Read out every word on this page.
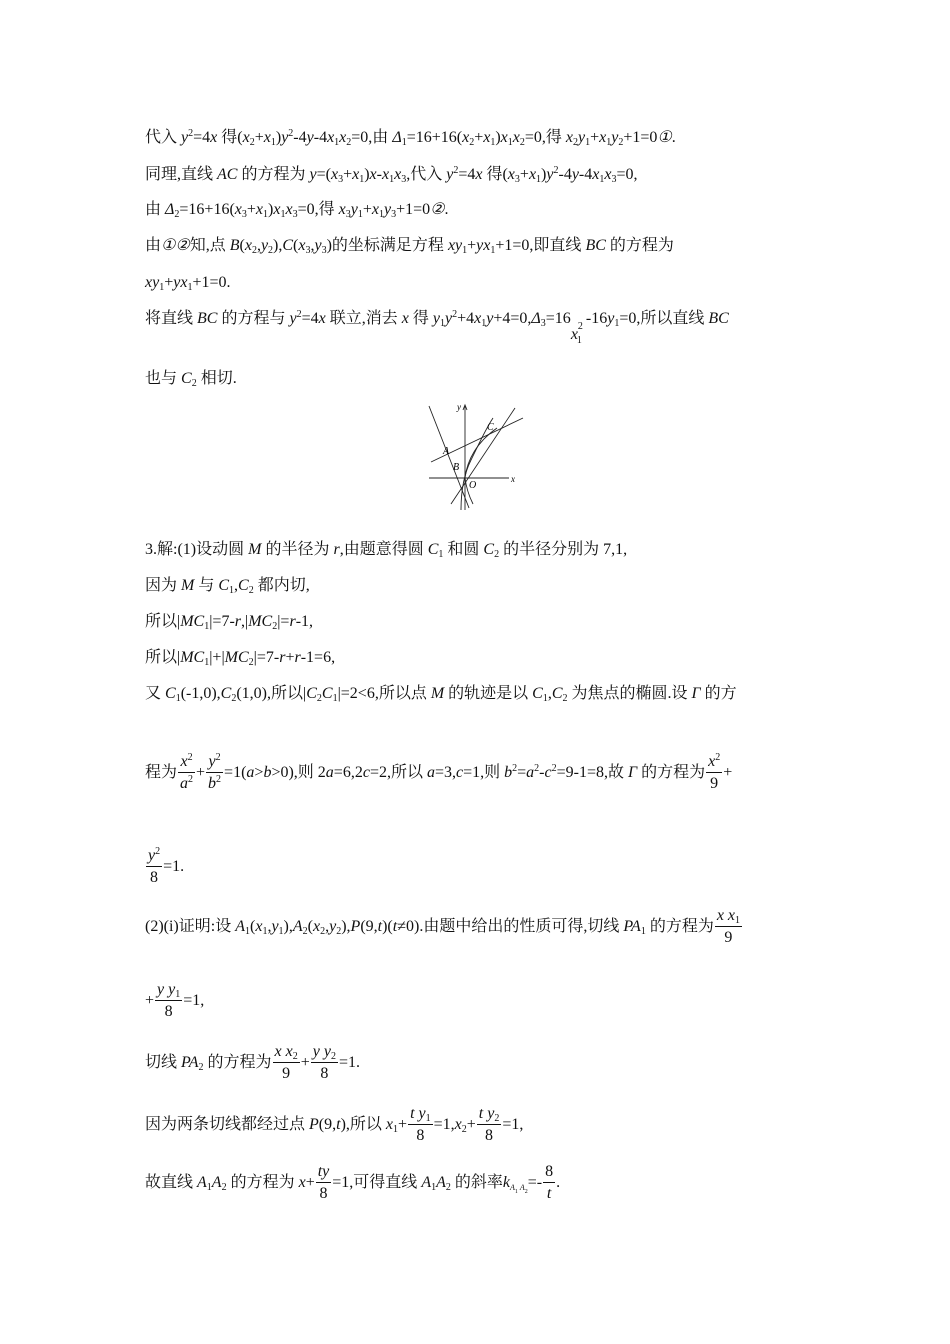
代入 $y^2=4x$ 得$(x_2+x_1)y^2-4y-4x_1x_2=0$,由 $\Delta_1=16+16(x_2+x_1)x_1x_2=0$,得 $x_2y_1+x_1y_2+1=0①$.
同理,直线 AC 的方程为 $y=(x_3+x_1)x-x_1x_3$,代入 $y^2=4x$ 得$(x_3+x_1)y^2-4y-4x_1x_3=0$,
由 $\Delta_2=16+16(x_3+x_1)x_1x_3=0$,得 $x_3y_1+x_1y_3+1=0②$.
由①②知,点 $B(x_2,y_2),C(x_3,y_3)$的坐标满足方程 $xy_1+yx_1+1=0$,即直线 BC 的方程为
$xy_1+yx_1+1=0$.
将直线 BC 的方程与 $y^2=4x$ 联立,消去 x 得 $y_1y^2+4x_1y+4=0,\Delta_3=16x$ 2
1
$-16y_1=0$,所以直线 BC
也与 $C_2$ 相切.
A
B
C
O
x
y
3.解:(1)设动圆 M 的半径为 r,由题意得圆 $C_1$ 和圆 $C_2$ 的半径分别为 7,1,
因为 M 与 $C_1,C_2$ 都内切,
所以$|MC_1|=7-r,|MC_2|=r-1$,
所以$|MC_1|+|MC_2|=7-r+r-1=6$,
又 $C_1(-1,0),C_2(1,0)$,所以$|C_2C_1|=2<6$,所以点 M 的轨迹是以 $C_1,C_2$ 为焦点的椭圆.设 Γ 的方
程为 $\frac{x^2}{a^2} + \frac{y^2}{b^2} =1(a>b>0)$,则 2a=6,2c=2,所以 a=3,c=1,则 $b^2=a^2-c^2=9-1=8$,故 Γ 的方程为 $\frac{x^2}{9}$ +
$\frac{y^2}{8} =1$.
(2)(i)证明:设 $A_1(x_1,y_1),A_2(x_2,y_2),P(9,t)(t\ne 0)$.由题中给出的性质可得,切线 $PA_1$ 的方程为 $\frac{x x_1}{9}$
+ $\frac{y y_1}{8} =1$,
切线 $PA_2$ 的方程为 $\frac{x x_2}{9} + \frac{y y_2}{8} =1$.
因为两条切线都经过点 P(9,t),所以 $x_1+ \frac{t y_1}{8} =1,x_2+ \frac{t y_2}{8} =1$,
故直线 $A_1A_2$ 的方程为 $x+ \frac{ty}{8} =1$,可得直线 $A_1A_2$ 的斜率$k_{A_1 A_2}=- \frac{8}{t}$ .
